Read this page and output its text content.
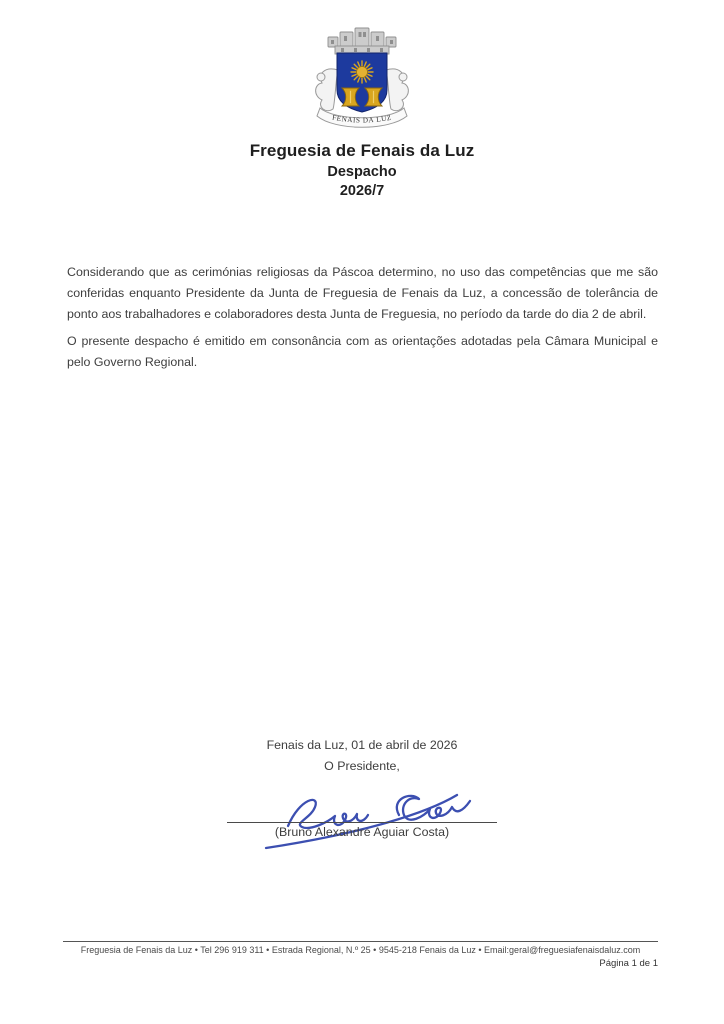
FENAIS DA LUZ
Freguesia de Fenais da Luz
Despacho
2026/7

Considerando que as cerimónias religiosas da Páscoa determino, no uso das competências que me são conferidas enquanto Presidente da Junta de Freguesia de Fenais da Luz, a concessão de tolerância de ponto aos trabalhadores e colaboradores desta Junta de Freguesia, no período da tarde do dia 2 de abril.

O presente despacho é emitido em consonância com as orientações adotadas pela Câmara Municipal e pelo Governo Regional.

Fenais da Luz, 01 de abril de 2026
O Presidente,
(Bruno Alexandre Aguiar Costa)
Freguesia de Fenais da Luz • Tel 296 919 311 • Estrada Regional, N.º 25 • 9545-218 Fenais da Luz • Email:geral@freguesiafenaisdaluz.com
Página 1 de 1
